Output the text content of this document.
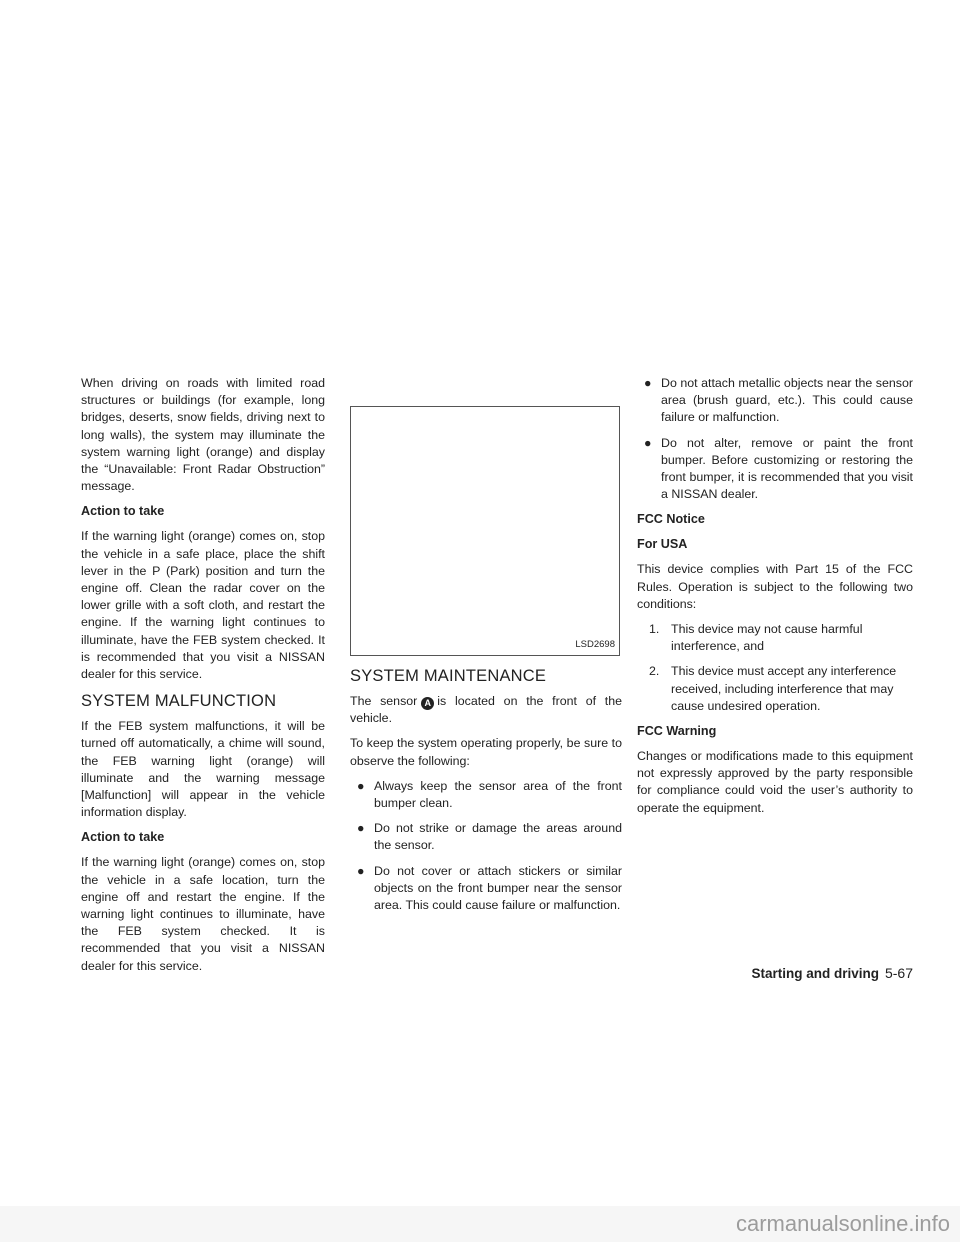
When driving on roads with limited road structures or buildings (for example, long bridges, deserts, snow fields, driving next to long walls), the system may illuminate the system warning light (orange) and display the “Unavailable: Front Radar Obstruction” message.

Action to take

If the warning light (orange) comes on, stop the vehicle in a safe place, place the shift lever in the P (Park) position and turn the engine off. Clean the radar cover on the lower grille with a soft cloth, and restart the engine. If the warning light continues to illuminate, have the FEB system checked. It is recommended that you visit a NISSAN dealer for this service.

SYSTEM MALFUNCTION

If the FEB system malfunctions, it will be turned off automatically, a chime will sound, the FEB warning light (orange) will illuminate and the warning message [Malfunction] will appear in the vehicle information display.

Action to take

If the warning light (orange) comes on, stop the vehicle in a safe location, turn the engine off and restart the engine. If the warning light continues to illuminate, have the FEB system checked. It is recommended that you visit a NISSAN dealer for this service.

LSD2698
SYSTEM MAINTENANCE

The sensor A is located on the front of the vehicle.

To keep the system operating properly, be sure to observe the following:

● Always keep the sensor area of the front bumper clean.
● Do not strike or damage the areas around the sensor.
● Do not cover or attach stickers or similar objects on the front bumper near the sensor area. This could cause failure or malfunction.
● Do not attach metallic objects near the sensor area (brush guard, etc.). This could cause failure or malfunction.
● Do not alter, remove or paint the front bumper. Before customizing or restoring the front bumper, it is recommended that you visit a NISSAN dealer.
FCC Notice
For USA

This device complies with Part 15 of the FCC Rules. Operation is subject to the following two conditions:

1. This device may not cause harmful interference, and
2. This device must accept any interference received, including interference that may cause undesired operation.
FCC Warning

Changes or modifications made to this equipment not expressly approved by the party responsible for compliance could void the user’s authority to operate the equipment.

Starting and driving 5-67
carmanualsonline.info
